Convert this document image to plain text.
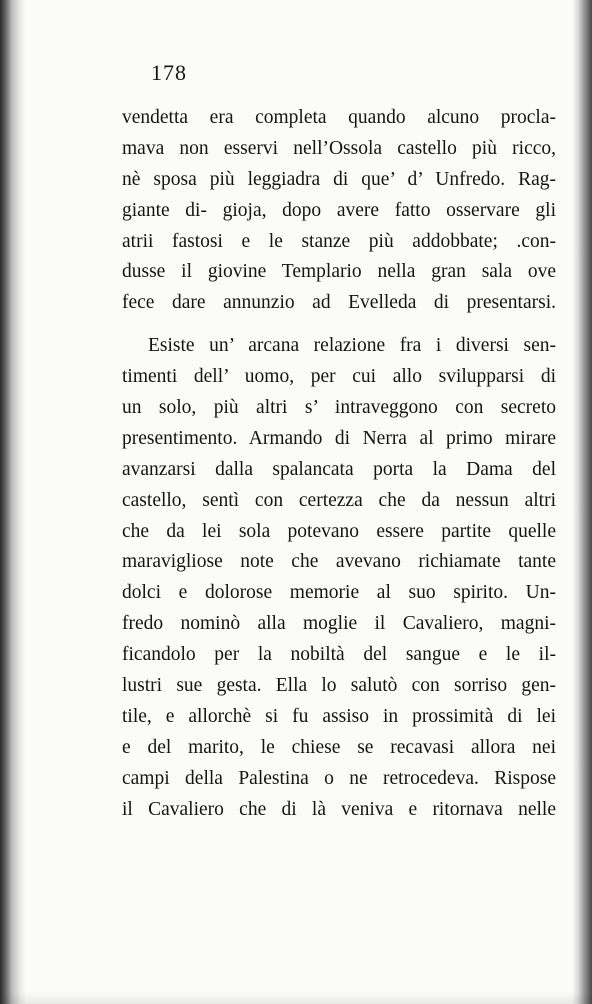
178
vendetta era completa quando alcuno procla-
mava non esservi nell’Ossola castello più ricco,
nè sposa più leggiadra di que’ d’ Unfredo. Rag-
giante di- gioja, dopo avere fatto osservare gli
atrii fastosi e le stanze più addobbate; .con-
dusse il giovine Templario nella gran sala ove
fece dare annunzio ad Evelleda di presentarsi.
Esiste un’ arcana relazione fra i diversi sen-
timenti dell’ uomo, per cui allo svilupparsi di
un solo, più altri s’ intraveggono con secreto
presentimento. Armando di Nerra al primo mirare
avanzarsi dalla spalancata porta la Dama del
castello, sentì con certezza che da nessun altri
che da lei sola potevano essere partite quelle
maravigliose note che avevano richiamate tante
dolci e dolorose memorie al suo spirito. Un-
fredo nominò alla moglie il Cavaliero, magni-
ficandolo per la nobiltà del sangue e le il-
lustri sue gesta. Ella lo salutò con sorriso gen-
tile, e allorchè si fu assiso in prossimità di lei
e del marito, le chiese se recavasi allora nei
campi della Palestina o ne retrocedeva. Rispose
il Cavaliero che di là veniva e ritornava nelle
